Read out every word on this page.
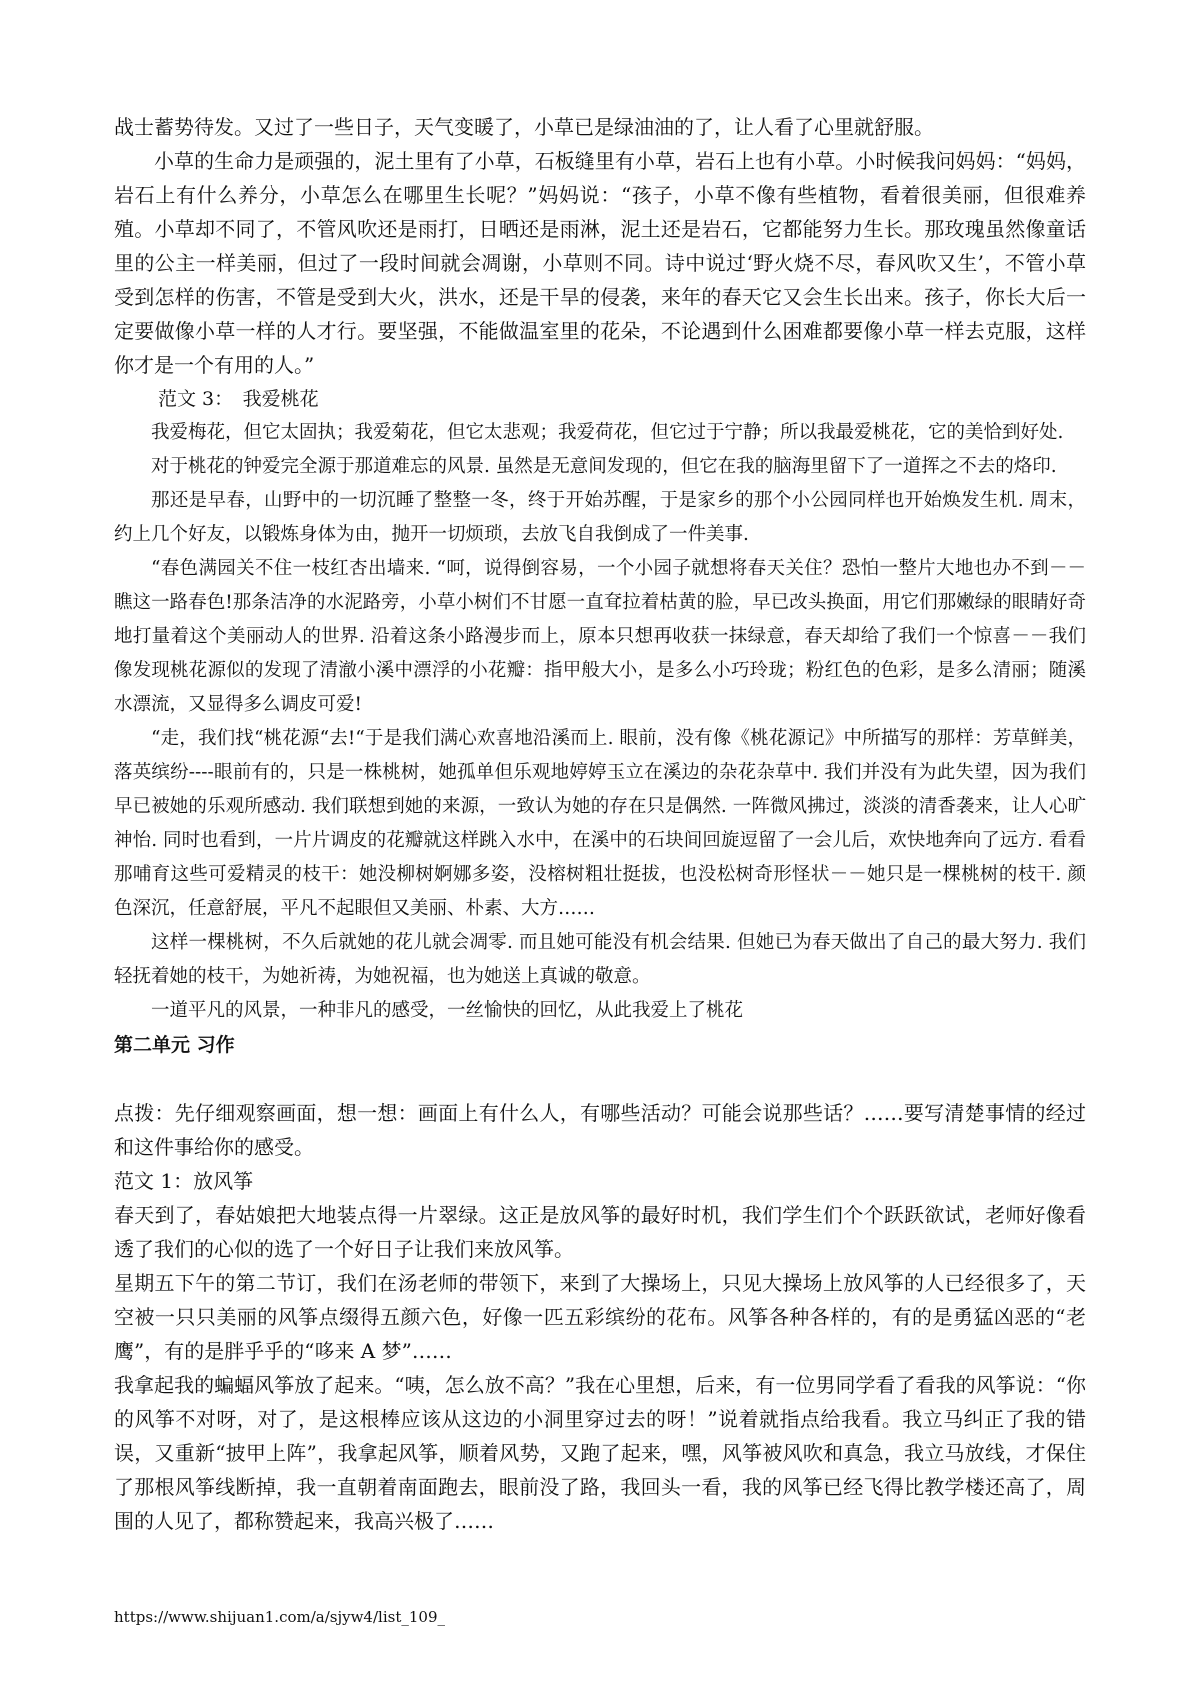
战士蓄势待发。又过了一些日子，天气变暖了，小草已是绿油油的了，让人看了心里就舒服。

小草的生命力是顽强的，泥土里有了小草，石板缝里有小草，岩石上也有小草。小时候我问妈妈：“妈妈，岩石上有什么养分，小草怎么在哪里生长呢？”妈妈说：“孩子，小草不像有些植物，看着很美丽，但很难养殖。小草却不同了，不管风吹还是雨打，日晒还是雨淋，泥土还是岩石，它都能努力生长。那玫瑰虽然像童话里的公主一样美丽，但过了一段时间就会凋谢，小草则不同。诗中说过‘野火烧不尽，春风吹又生’，不管小草受到怎样的伤害，不管是受到大火，洪水，还是干旱的侵袭，来年的春天它又会生长出来。孩子，你长大后一定要做像小草一样的人才行。要坚强，不能做温室里的花朵，不论遇到什么困难都要像小草一样去克服，这样你才是一个有用的人。”

范文 3：　我爱桃花

我爱梅花，但它太固执；我爱菊花，但它太悲观；我爱荷花，但它过于宁静；所以我最爱桃花，它的美恰到好处.

对于桃花的钟爱完全源于那道难忘的风景. 虽然是无意间发现的，但它在我的脑海里留下了一道挥之不去的烙印.

那还是早春，山野中的一切沉睡了整整一冬，终于开始苏醒，于是家乡的那个小公园同样也开始焕发生机. 周末，约上几个好友，以锻炼身体为由，抛开一切烦琐，去放飞自我倒成了一件美事.

“春色满园关不住一枝红杏出墙来. “呵，说得倒容易，一个小园子就想将春天关住？恐怕一整片大地也办不到－－瞧这一路春色!那条洁净的水泥路旁，小草小树们不甘愿一直耷拉着枯黄的脸，早已改头换面，用它们那嫩绿的眼睛好奇地打量着这个美丽动人的世界. 沿着这条小路漫步而上，原本只想再收获一抹绿意，春天却给了我们一个惊喜－－我们像发现桃花源似的发现了清澈小溪中漂浮的小花瓣：指甲般大小，是多么小巧玲珑；粉红色的色彩，是多么清丽；随溪水漂流，又显得多么调皮可爱!

“走，我们找“桃花源“去!“于是我们满心欢喜地沿溪而上. 眼前，没有像《桃花源记》中所描写的那样：芳草鲜美，落英缤纷----眼前有的，只是一株桃树，她孤单但乐观地婷婷玉立在溪边的杂花杂草中. 我们并没有为此失望，因为我们早已被她的乐观所感动. 我们联想到她的来源，一致认为她的存在只是偶然. 一阵微风拂过，淡淡的清香袭来，让人心旷神怡. 同时也看到，一片片调皮的花瓣就这样跳入水中，在溪中的石块间回旋逗留了一会儿后，欢快地奔向了远方. 看看那哺育这些可爱精灵的枝干：她没柳树婀娜多姿，没榕树粗壮挺拔，也没松树奇形怪状－－她只是一棵桃树的枝干. 颜色深沉，任意舒展，平凡不起眼但又美丽、朴素、大方……

这样一棵桃树，不久后就她的花儿就会凋零. 而且她可能没有机会结果. 但她已为春天做出了自己的最大努力. 我们轻抚着她的枝干，为她祈祷，为她祝福，也为她送上真诚的敬意。

一道平凡的风景，一种非凡的感受，一丝愉快的回忆，从此我爱上了桃花

第二单元 习作

点拨：先仔细观察画面，想一想：画面上有什么人，有哪些活动？可能会说那些话？……要写清楚事情的经过和这件事给你的感受。

范文 1：放风筝

春天到了，春姑娘把大地装点得一片翠绿。这正是放风筝的最好时机，我们学生们个个跃跃欲试，老师好像看透了我们的心似的选了一个好日子让我们来放风筝。

星期五下午的第二节订，我们在汤老师的带领下，来到了大操场上，只见大操场上放风筝的人已经很多了，天空被一只只美丽的风筝点缀得五颜六色，好像一匹五彩缤纷的花布。风筝各种各样的，有的是勇猛凶恶的“老鹰”，有的是胖乎乎的“哆来 A 梦”……

我拿起我的蝙蝠风筝放了起来。“咦，怎么放不高？”我在心里想，后来，有一位男同学看了看我的风筝说：“你的风筝不对呀，对了，是这根棒应该从这边的小洞里穿过去的呀！”说着就指点给我看。我立马纠正了我的错误，又重新“披甲上阵”，我拿起风筝，顺着风势，又跑了起来，嘿，风筝被风吹和真急，我立马放线，才保住了那根风筝线断掉，我一直朝着南面跑去，眼前没了路，我回头一看，我的风筝已经飞得比教学楼还高了，周围的人见了，都称赞起来，我高兴极了……

https://www.shijuan1.com/a/sjyw4/list_109_
